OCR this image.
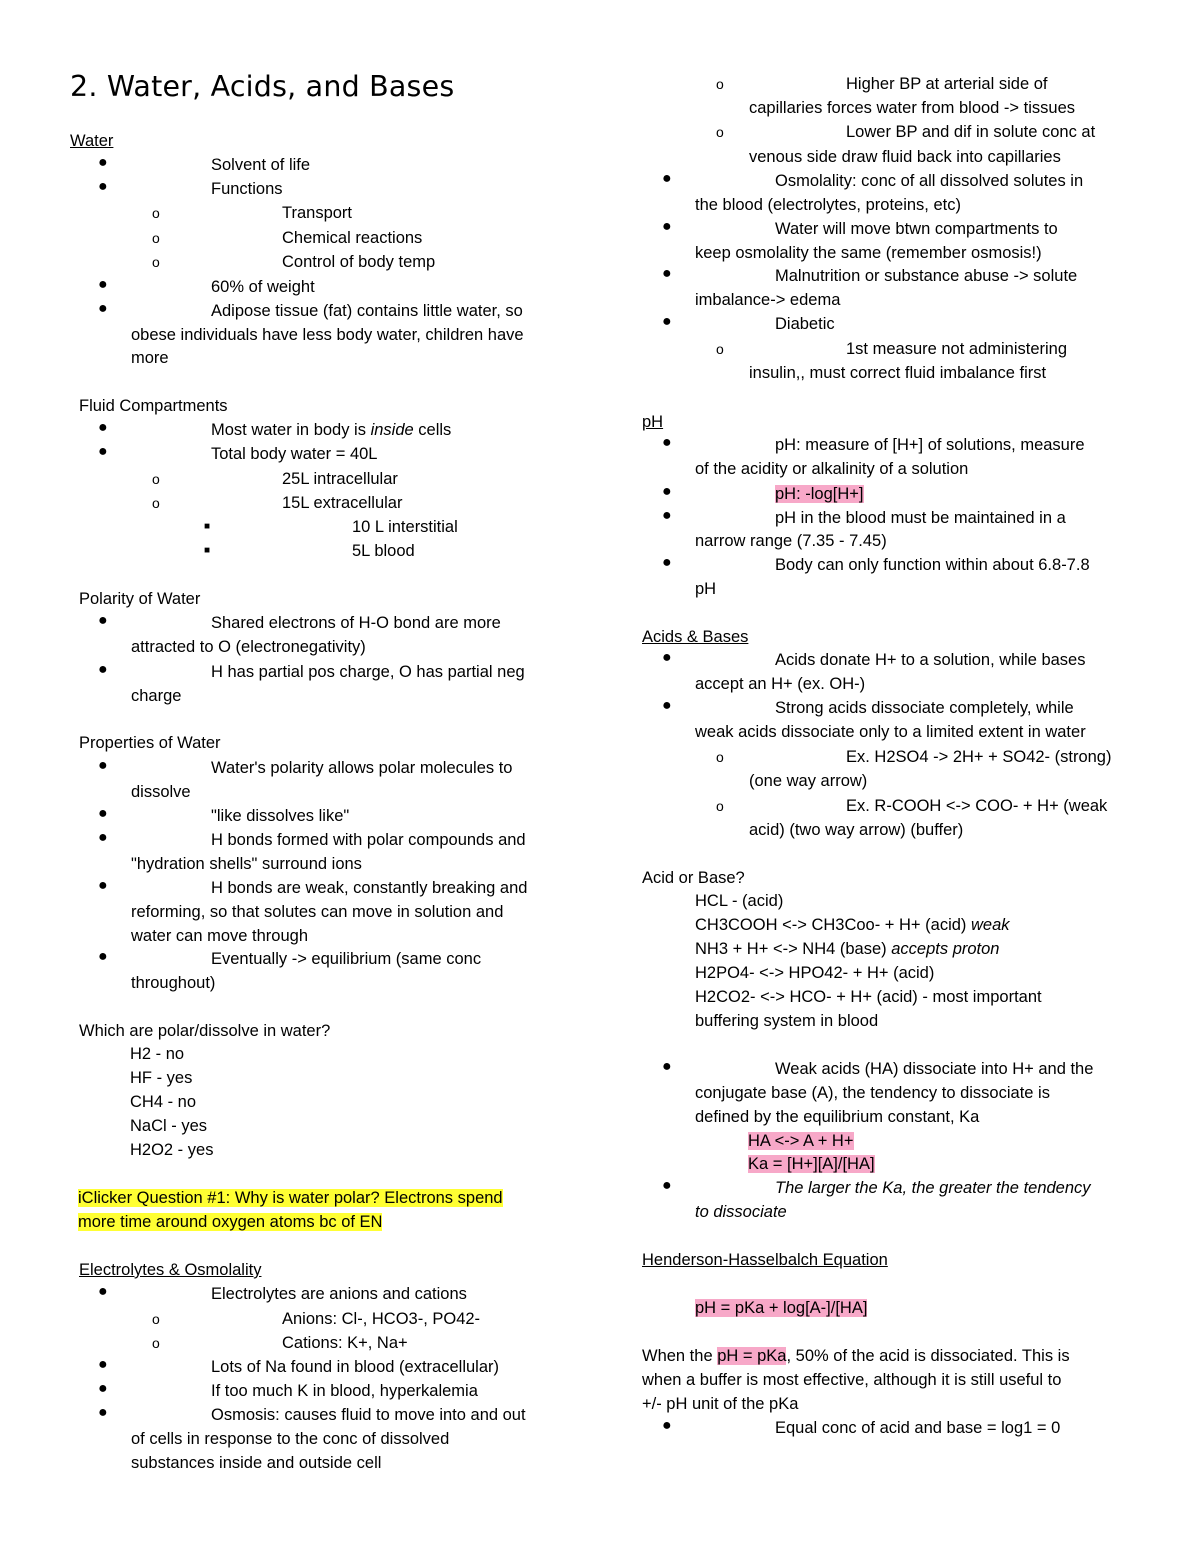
2. Water, Acids, and Bases
Water
●	Solvent of life
●	Functions
o	Transport
o	Chemical reactions
o	Control of body temp
●	60% of weight
●	Adipose tissue (fat) contains little water, so
obese individuals have less body water, children have
more
Fluid Compartments
●	Most water in body is inside cells
●	Total body water = 40L
o	25L intracellular
o	15L extracellular
■	10 L interstitial
■	5L blood
Polarity of Water
●	Shared electrons of H-O bond are more
attracted to O (electronegativity)
●	H has partial pos charge, O has partial neg
charge
Properties of Water
●	Water's polarity allows polar molecules to
dissolve
●	"like dissolves like"
●	H bonds formed with polar compounds and
"hydration shells" surround ions
●	H bonds are weak, constantly breaking and
reforming, so that solutes can move in solution and
water can move through
●	Eventually -> equilibrium (same conc
throughout)
Which are polar/dissolve in water?
H2 - no
HF - yes
CH4 - no
NaCl - yes
H2O2 - yes
iClicker Question #1: Why is water polar? Electrons spend
more time around oxygen atoms bc of EN
Electrolytes & Osmolality
●	Electrolytes are anions and cations
o	Anions: Cl-, HCO3-, PO42-
o	Cations: K+, Na+
●	Lots of Na found in blood (extracellular)
●	If too much K in blood, hyperkalemia
●	Osmosis: causes fluid to move into and out
of cells in response to the conc of dissolved
substances inside and outside cell
o	Higher BP at arterial side of
capillaries forces water from blood -> tissues
o	Lower BP and dif in solute conc at
venous side draw fluid back into capillaries
●	Osmolality: conc of all dissolved solutes in
the blood (electrolytes, proteins, etc)
●	Water will move btwn compartments to
keep osmolality the same (remember osmosis!)
●	Malnutrition or substance abuse -> solute
imbalance-> edema
●	Diabetic
o	1st measure not administering
insulin,, must correct fluid imbalance first
pH
●	pH: measure of [H+] of solutions, measure
of the acidity or alkalinity of a solution
●	pH: -log[H+]
●	pH in the blood must be maintained in a
narrow range (7.35 - 7.45)
●	Body can only function within about 6.8-7.8
pH
Acids & Bases
●	Acids donate H+ to a solution, while bases
accept an H+ (ex. OH-)
●	Strong acids dissociate completely, while
weak acids dissociate only to a limited extent in water
o	Ex. H2SO4 -> 2H+ + SO42- (strong)
(one way arrow)
o	Ex. R-COOH <-> COO- + H+ (weak
acid) (two way arrow) (buffer)
Acid or Base?
HCL - (acid)
CH3COOH <-> CH3Coo- + H+ (acid) weak
NH3 + H+ <-> NH4 (base) accepts proton
H2PO4- <-> HPO42- + H+ (acid)
H2CO2- <-> HCO- + H+ (acid) - most important
buffering system in blood
●	Weak acids (HA) dissociate into H+ and the
conjugate base (A), the tendency to dissociate is
defined by the equilibrium constant, Ka
HA <-> A + H+
Ka = [H+][A]/[HA]
●	The larger the Ka, the greater the tendency
to dissociate
Henderson-Hasselbalch Equation
pH = pKa + log[A-]/[HA]
When the pH = pKa, 50% of the acid is dissociated. This is
when a buffer is most effective, although it is still useful to
+/- pH unit of the pKa
●	Equal conc of acid and base = log1 = 0
